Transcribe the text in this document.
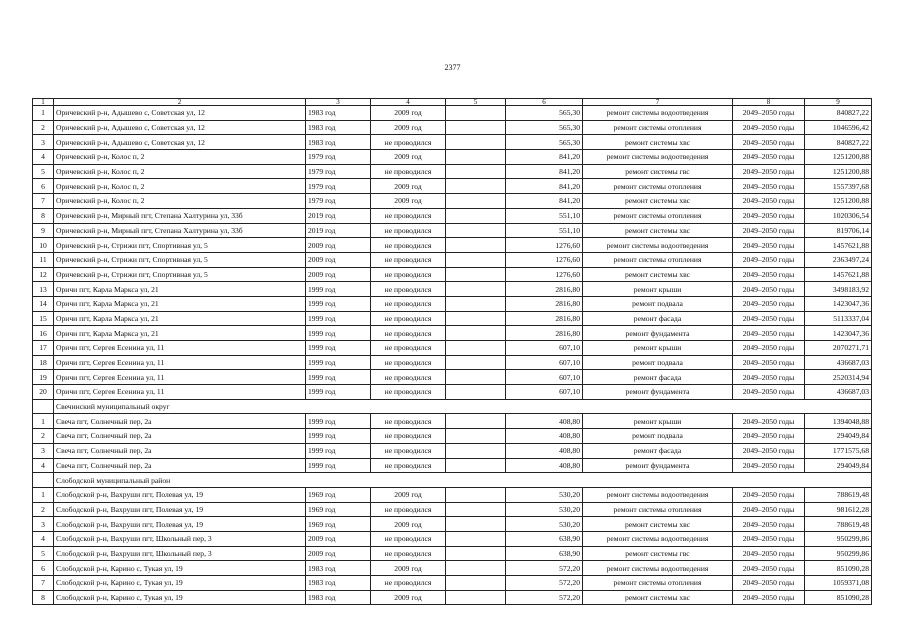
2377
1	2	3	4	5	6	7	8	9
1	Оричевский р-н, Адышево с, Советская ул, 12	1983 год	2009 год		565,30	ремонт системы водоотведения	2049–2050 годы	840827,22
2	Оричевский р-н, Адышево с, Советская ул, 12	1983 год	2009 год		565,30	ремонт системы отопления	2049–2050 годы	1046596,42
3	Оричевский р-н, Адышево с, Советская ул, 12	1983 год	не проводился		565,30	ремонт системы хвс	2049–2050 годы	840827,22
4	Оричевский р-н, Колос п, 2	1979 год	2009 год		841,20	ремонт системы водоотведения	2049–2050 годы	1251200,88
5	Оричевский р-н, Колос п, 2	1979 год	не проводился		841,20	ремонт системы гвс	2049–2050 годы	1251200,88
6	Оричевский р-н, Колос п, 2	1979 год	2009 год		841,20	ремонт системы отопления	2049–2050 годы	1557397,68
7	Оричевский р-н, Колос п, 2	1979 год	2009 год		841,20	ремонт системы хвс	2049–2050 годы	1251200,88
8	Оричевский р-н, Мирный пгт, Степана Халтурина ул, 33б	2019 год	не проводился		551,10	ремонт системы отопления	2049–2050 годы	1020306,54
9	Оричевский р-н, Мирный пгт, Степана Халтурина ул, 33б	2019 год	не проводился		551,10	ремонт системы хвс	2049–2050 годы	819706,14
10	Оричевский р-н, Стрижи пгт, Спортивная ул, 5	2009 год	не проводился		1276,60	ремонт системы водоотведения	2049–2050 годы	1457621,88
11	Оричевский р-н, Стрижи пгт, Спортивная ул, 5	2009 год	не проводился		1276,60	ремонт системы отопления	2049–2050 годы	2363497,24
12	Оричевский р-н, Стрижи пгт, Спортивная ул, 5	2009 год	не проводился		1276,60	ремонт системы хвс	2049–2050 годы	1457621,88
13	Оричи пгт, Карла Маркса ул, 21	1999 год	не проводился		2816,80	ремонт крыши	2049–2050 годы	3498183,92
14	Оричи пгт, Карла Маркса ул, 21	1999 год	не проводился		2816,80	ремонт подвала	2049–2050 годы	1423047,36
15	Оричи пгт, Карла Маркса ул, 21	1999 год	не проводился		2816,80	ремонт фасада	2049–2050 годы	5113337,04
16	Оричи пгт, Карла Маркса ул, 21	1999 год	не проводился		2816,80	ремонт фундамента	2049–2050 годы	1423047,36
17	Оричи пгт, Сергея Есенина ул, 11	1999 год	не проводился		607,10	ремонт крыши	2049–2050 годы	2070271,71
18	Оричи пгт, Сергея Есенина ул, 11	1999 год	не проводился		607,10	ремонт подвала	2049–2050 годы	436687,03
19	Оричи пгт, Сергея Есенина ул, 11	1999 год	не проводился		607,10	ремонт фасада	2049–2050 годы	2520314,94
20	Оричи пгт, Сергея Есенина ул, 11	1999 год	не проводился		607,10	ремонт фундамента	2049–2050 годы	436687,03
	Свечинский муниципальный округ							
1	Свеча пгт, Солнечный пер, 2а	1999 год	не проводился		408,80	ремонт крыши	2049–2050 годы	1394048,88
2	Свеча пгт, Солнечный пер, 2а	1999 год	не проводился		408,80	ремонт подвала	2049–2050 годы	294049,84
3	Свеча пгт, Солнечный пер, 2а	1999 год	не проводился		408,80	ремонт фасада	2049–2050 годы	1771575,68
4	Свеча пгт, Солнечный пер, 2а	1999 год	не проводился		408,80	ремонт фундамента	2049–2050 годы	294049,84
	Слободской муниципальный район							
1	Слободской р-н, Вахруши пгт, Полевая ул, 19	1969 год	2009 год		530,20	ремонт системы водоотведения	2049–2050 годы	788619,48
2	Слободской р-н, Вахруши пгт, Полевая ул, 19	1969 год	не проводился		530,20	ремонт системы отопления	2049–2050 годы	981612,28
3	Слободской р-н, Вахруши пгт, Полевая ул, 19	1969 год	2009 год		530,20	ремонт системы хвс	2049–2050 годы	788619,48
4	Слободской р-н, Вахруши пгт, Школьный пер, 3	2009 год	не проводился		638,90	ремонт системы водоотведения	2049–2050 годы	950299,86
5	Слободской р-н, Вахруши пгт, Школьный пер, 3	2009 год	не проводился		638,90	ремонт системы гвс	2049–2050 годы	950299,86
6	Слободской р-н, Карино с, Тукая ул, 19	1983 год	2009 год		572,20	ремонт системы водоотведения	2049–2050 годы	851090,28
7	Слободской р-н, Карино с, Тукая ул, 19	1983 год	не проводился		572,20	ремонт системы отопления	2049–2050 годы	1059371,08
8	Слободской р-н, Карино с, Тукая ул, 19	1983 год	2009 год		572,20	ремонт системы хвс	2049–2050 годы	851090,28
